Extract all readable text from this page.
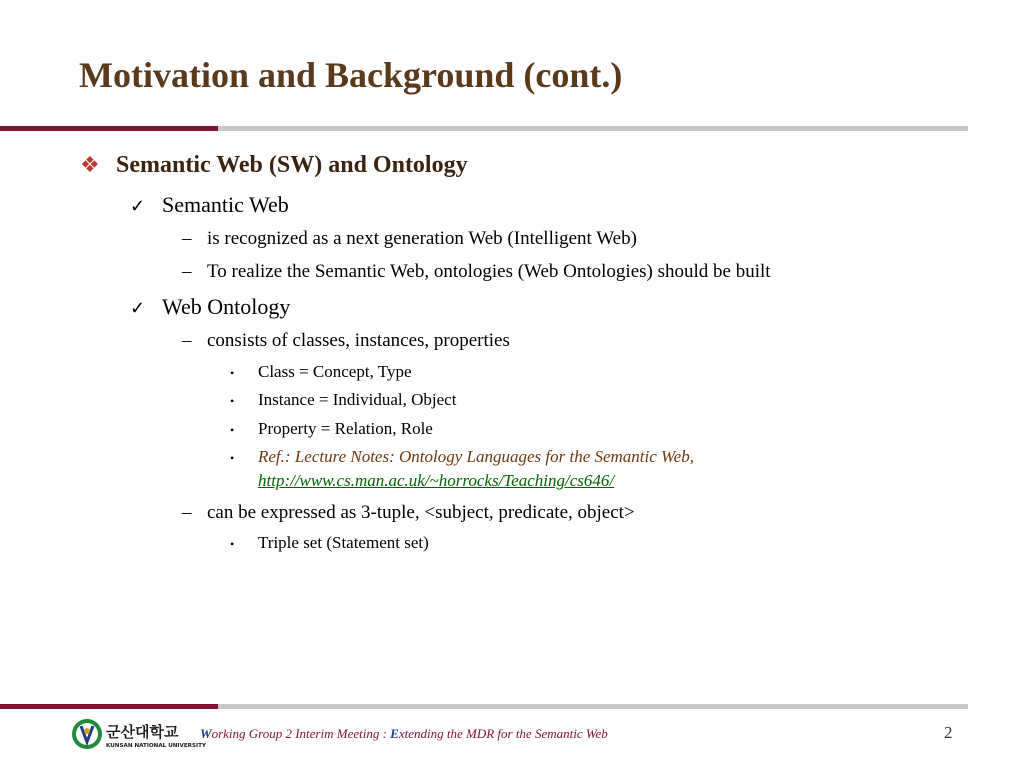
Motivation and Background (cont.)
❖ Semantic Web (SW) and Ontology
✓ Semantic Web
– is recognized as a next generation Web (Intelligent Web)
– To realize the Semantic Web, ontologies (Web Ontologies) should be built
✓ Web Ontology
– consists of classes, instances, properties
• Class = Concept, Type
• Instance = Individual, Object
• Property = Relation, Role
• Ref.: Lecture Notes: Ontology Languages for the Semantic Web,
http://www.cs.man.ac.uk/~horrocks/Teaching/cs646/
– can be expressed as 3-tuple, <subject, predicate, object>
• Triple set (Statement set)
군산대학교
KUNSAN NATIONAL UNIVERSITY
Working Group 2 Interim Meeting : Extending the MDR for the Semantic Web	2
